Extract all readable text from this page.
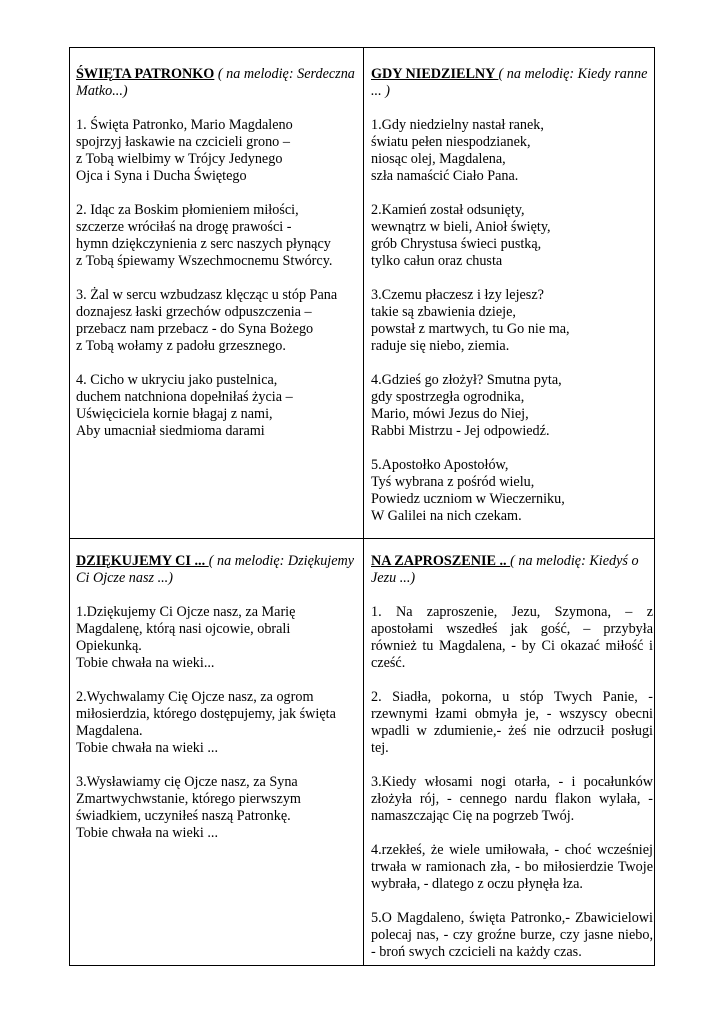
ŚWIĘTA PATRONKO ( na melodię: Serdeczna Matko...)
1. Święta Patronko, Mario Magdaleno
spojrzyj łaskawie na czcicieli grono –
z Tobą wielbimy w Trójcy Jedynego
Ojca i Syna i Ducha Świętego
2. Idąc za Boskim płomieniem miłości,
szczerze wróciłaś na drogę prawości -
hymn dziękczynienia z serc naszych płynący
z Tobą śpiewamy Wszechmocnemu Stwórcy.
3. Żal w sercu wzbudzasz klęcząc u stóp Pana
doznajesz łaski grzechów odpuszczenia –
przebacz nam przebacz - do Syna Bożego
z Tobą wołamy z padołu grzesznego.
4. Cicho w ukryciu jako pustelnica,
duchem natchniona dopełniłaś życia –
Uświęciciela kornie błagaj z nami,
Aby umacniał siedmioma darami
GDY NIEDZIELNY ( na melodię: Kiedy ranne ... )
1.Gdy niedzielny nastał ranek,
światu pełen niespodzianek,
niosąc olej, Magdalena,
szła namaścić Ciało Pana.
2.Kamień został odsunięty,
wewnątrz w bieli, Anioł święty,
grób Chrystusa świeci pustką,
tylko całun oraz chusta
3.Czemu płaczesz i łzy lejesz?
takie są zbawienia dzieje,
powstał z martwych, tu Go nie ma,
raduje się niebo, ziemia.
4.Gdzieś go złożył? Smutna pyta,
gdy spostrzegła ogrodnika,
Mario, mówi Jezus do Niej,
Rabbi Mistrzu - Jej odpowiedź.
5.Apostołko Apostołów,
Tyś wybrana z pośród wielu,
Powiedz uczniom w Wieczerniku,
W Galilei na nich czekam.
DZIĘKUJEMY CI ... ( na melodię: Dziękujemy Ci Ojcze nasz ...)
1.Dziękujemy Ci Ojcze nasz, za Marię
Magdalenę, którą nasi ojcowie, obrali
Opiekunką.
Tobie chwała na wieki...
2.Wychwalamy Cię Ojcze nasz, za ogrom
miłosierdzia, którego dostępujemy, jak święta
Magdalena.
Tobie chwała na wieki ...
3.Wysławiamy cię Ojcze nasz, za Syna
Zmartwychwstanie, którego pierwszym
świadkiem, uczyniłeś naszą Patronkę.
Tobie chwała na wieki ...
NA ZAPROSZENIE .. ( na melodię: Kiedyś o Jezu ...)
1. Na zaproszenie, Jezu, Szymona, – z apostołami wszedłeś jak gość, – przybyła również tu Magdalena, - by Ci okazać miłość i cześć.
2. Siadła, pokorna, u stóp Twych Panie, - rzewnymi łzami obmyła je, - wszyscy obecni wpadli w zdumienie,- żeś nie odrzucił posługi tej.
3.Kiedy włosami nogi otarła, - i pocałunków złożyła rój, - cennego nardu flakon wylała, - namaszczając Cię na pogrzeb Twój.
4.rzekłeś, że wiele umiłowała, - choć wcześniej trwała w ramionach zła, - bo miłosierdzie Twoje wybrała, - dlatego z oczu płynęła łza.
5.O Magdaleno, święta Patronko,- Zbawicielowi polecaj nas, - czy groźne burze, czy jasne niebo, - broń swych czcicieli na każdy czas.
